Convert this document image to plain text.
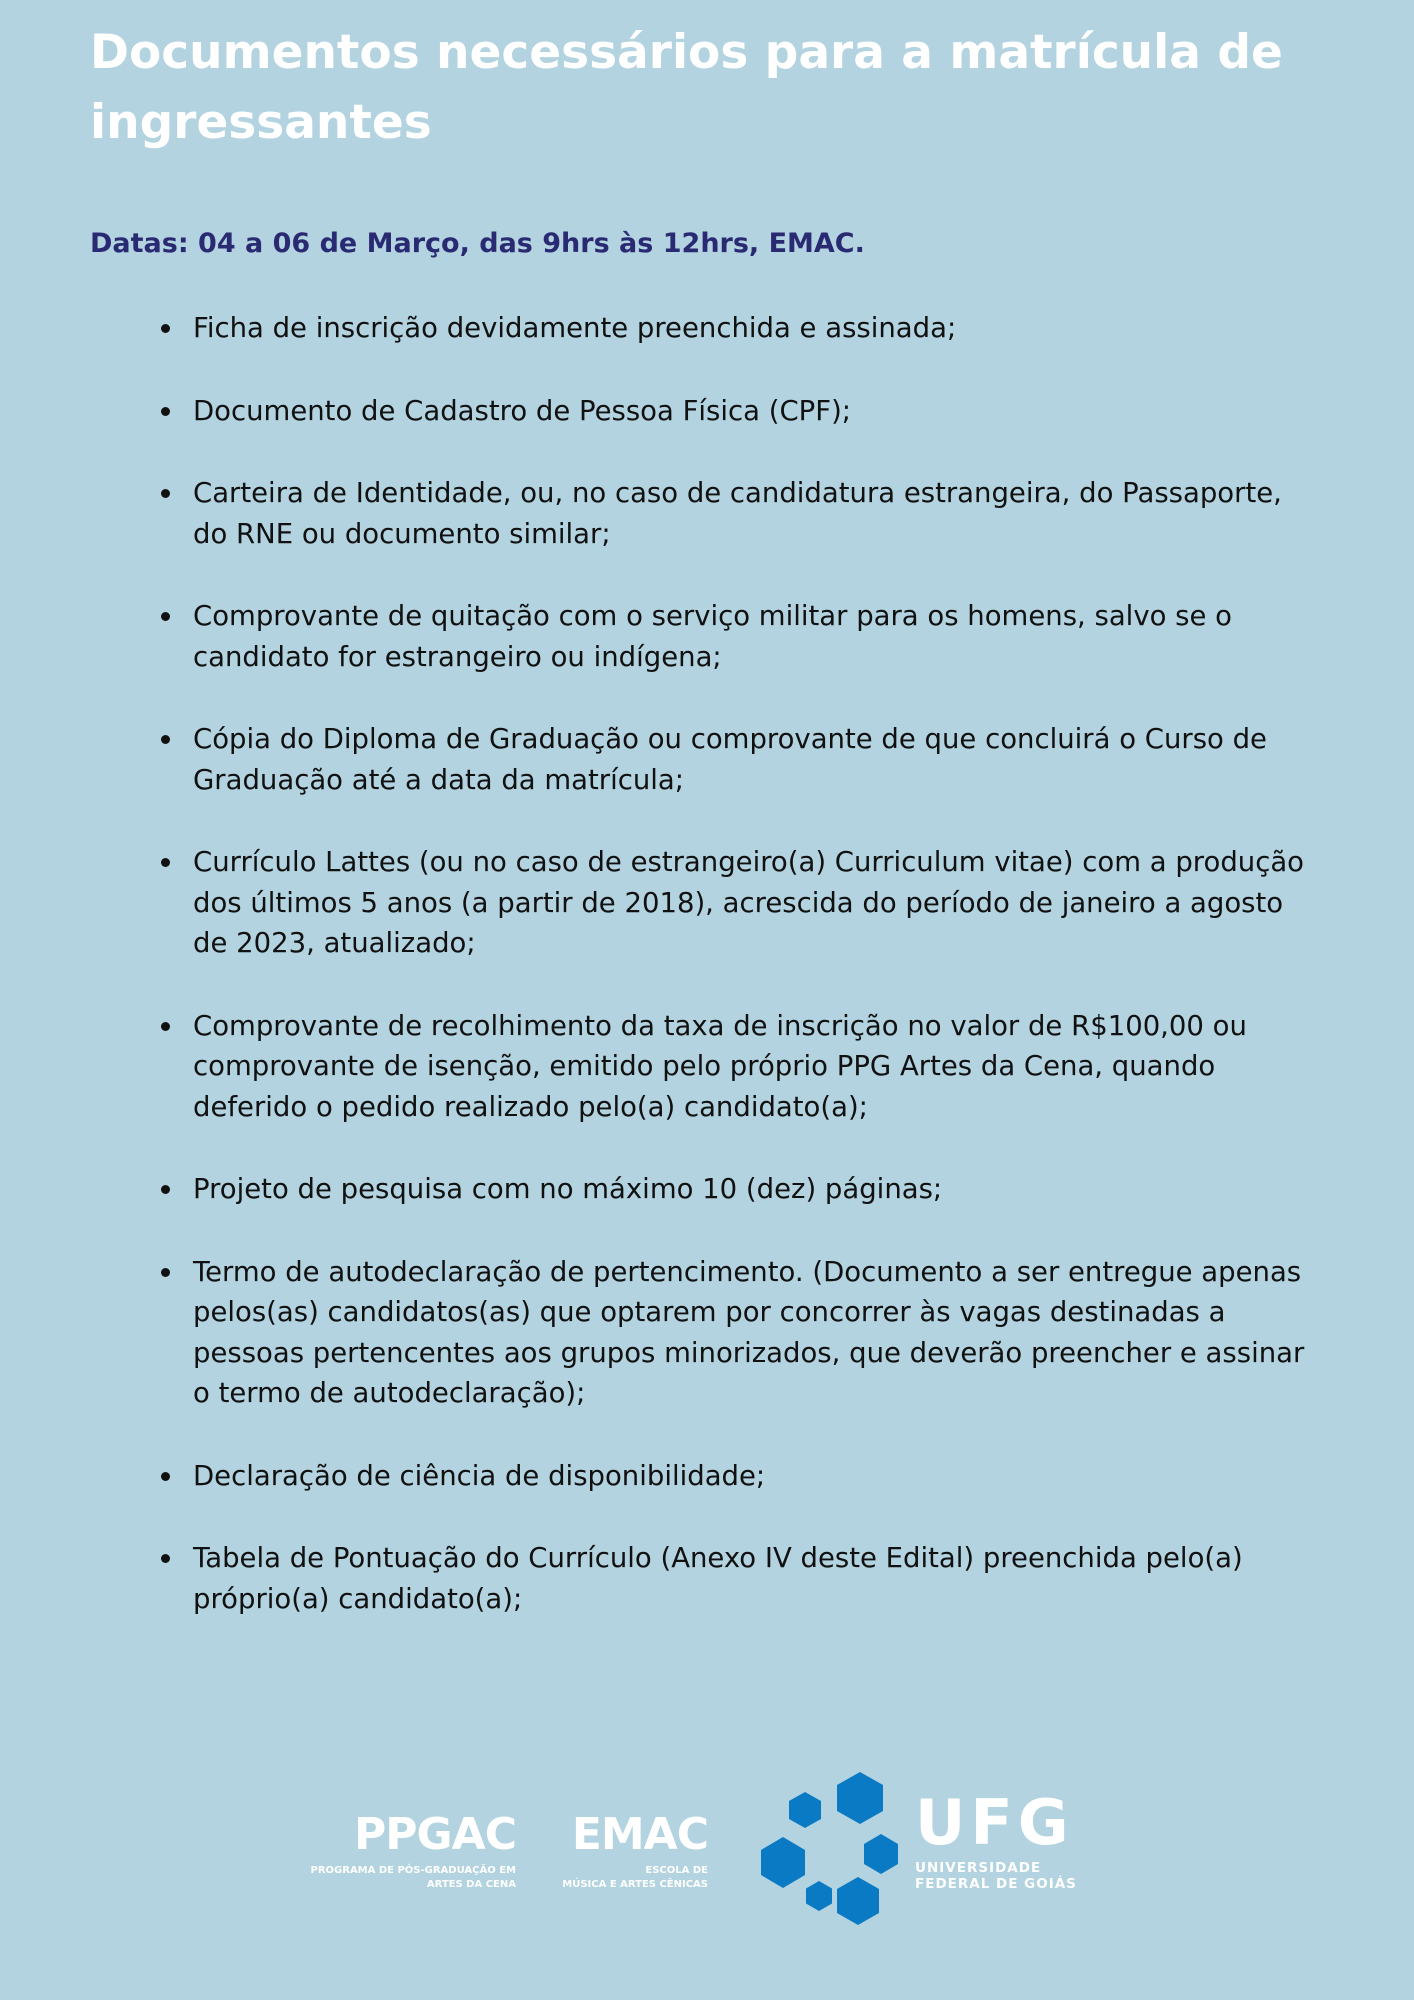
Documentos necessários para a matrícula de ingressantes

Datas: 04 a 06 de Março, das 9hrs às 12hrs, EMAC.

Ficha de inscrição devidamente preenchida e assinada;
Documento de Cadastro de Pessoa Física (CPF);
Carteira de Identidade, ou, no caso de candidatura estrangeira, do Passaporte, do RNE ou documento similar;
Comprovante de quitação com o serviço militar para os homens, salvo se o candidato for estrangeiro ou indígena;
Cópia do Diploma de Graduação ou comprovante de que concluirá o Curso de Graduação até a data da matrícula;
Currículo Lattes (ou no caso de estrangeiro(a) Curriculum vitae) com a produção dos últimos 5 anos (a partir de 2018), acrescida do período de janeiro a agosto de 2023, atualizado;
Comprovante de recolhimento da taxa de inscrição no valor de R$100,00 ou comprovante de isenção, emitido pelo próprio PPG Artes da Cena, quando deferido o pedido realizado pelo(a) candidato(a);
Projeto de pesquisa com no máximo 10 (dez) páginas;
Termo de autodeclaração de pertencimento. (Documento a ser entregue apenas pelos(as) candidatos(as) que optarem por concorrer às vagas destinadas a pessoas pertencentes aos grupos minorizados, que deverão preencher e assinar o termo de autodeclaração);
Declaração de ciência de disponibilidade;
Tabela de Pontuação do Currículo (Anexo IV deste Edital) preenchida pelo(a) próprio(a) candidato(a);
PPGAC
PROGRAMA DE PÓS-GRADUAÇÃO EM
ARTES DA CENA
EMAC
ESCOLA DE
MÚSICA E ARTES CÊNICAS
UFG
UNIVERSIDADE
FEDERAL DE GOIÁS
